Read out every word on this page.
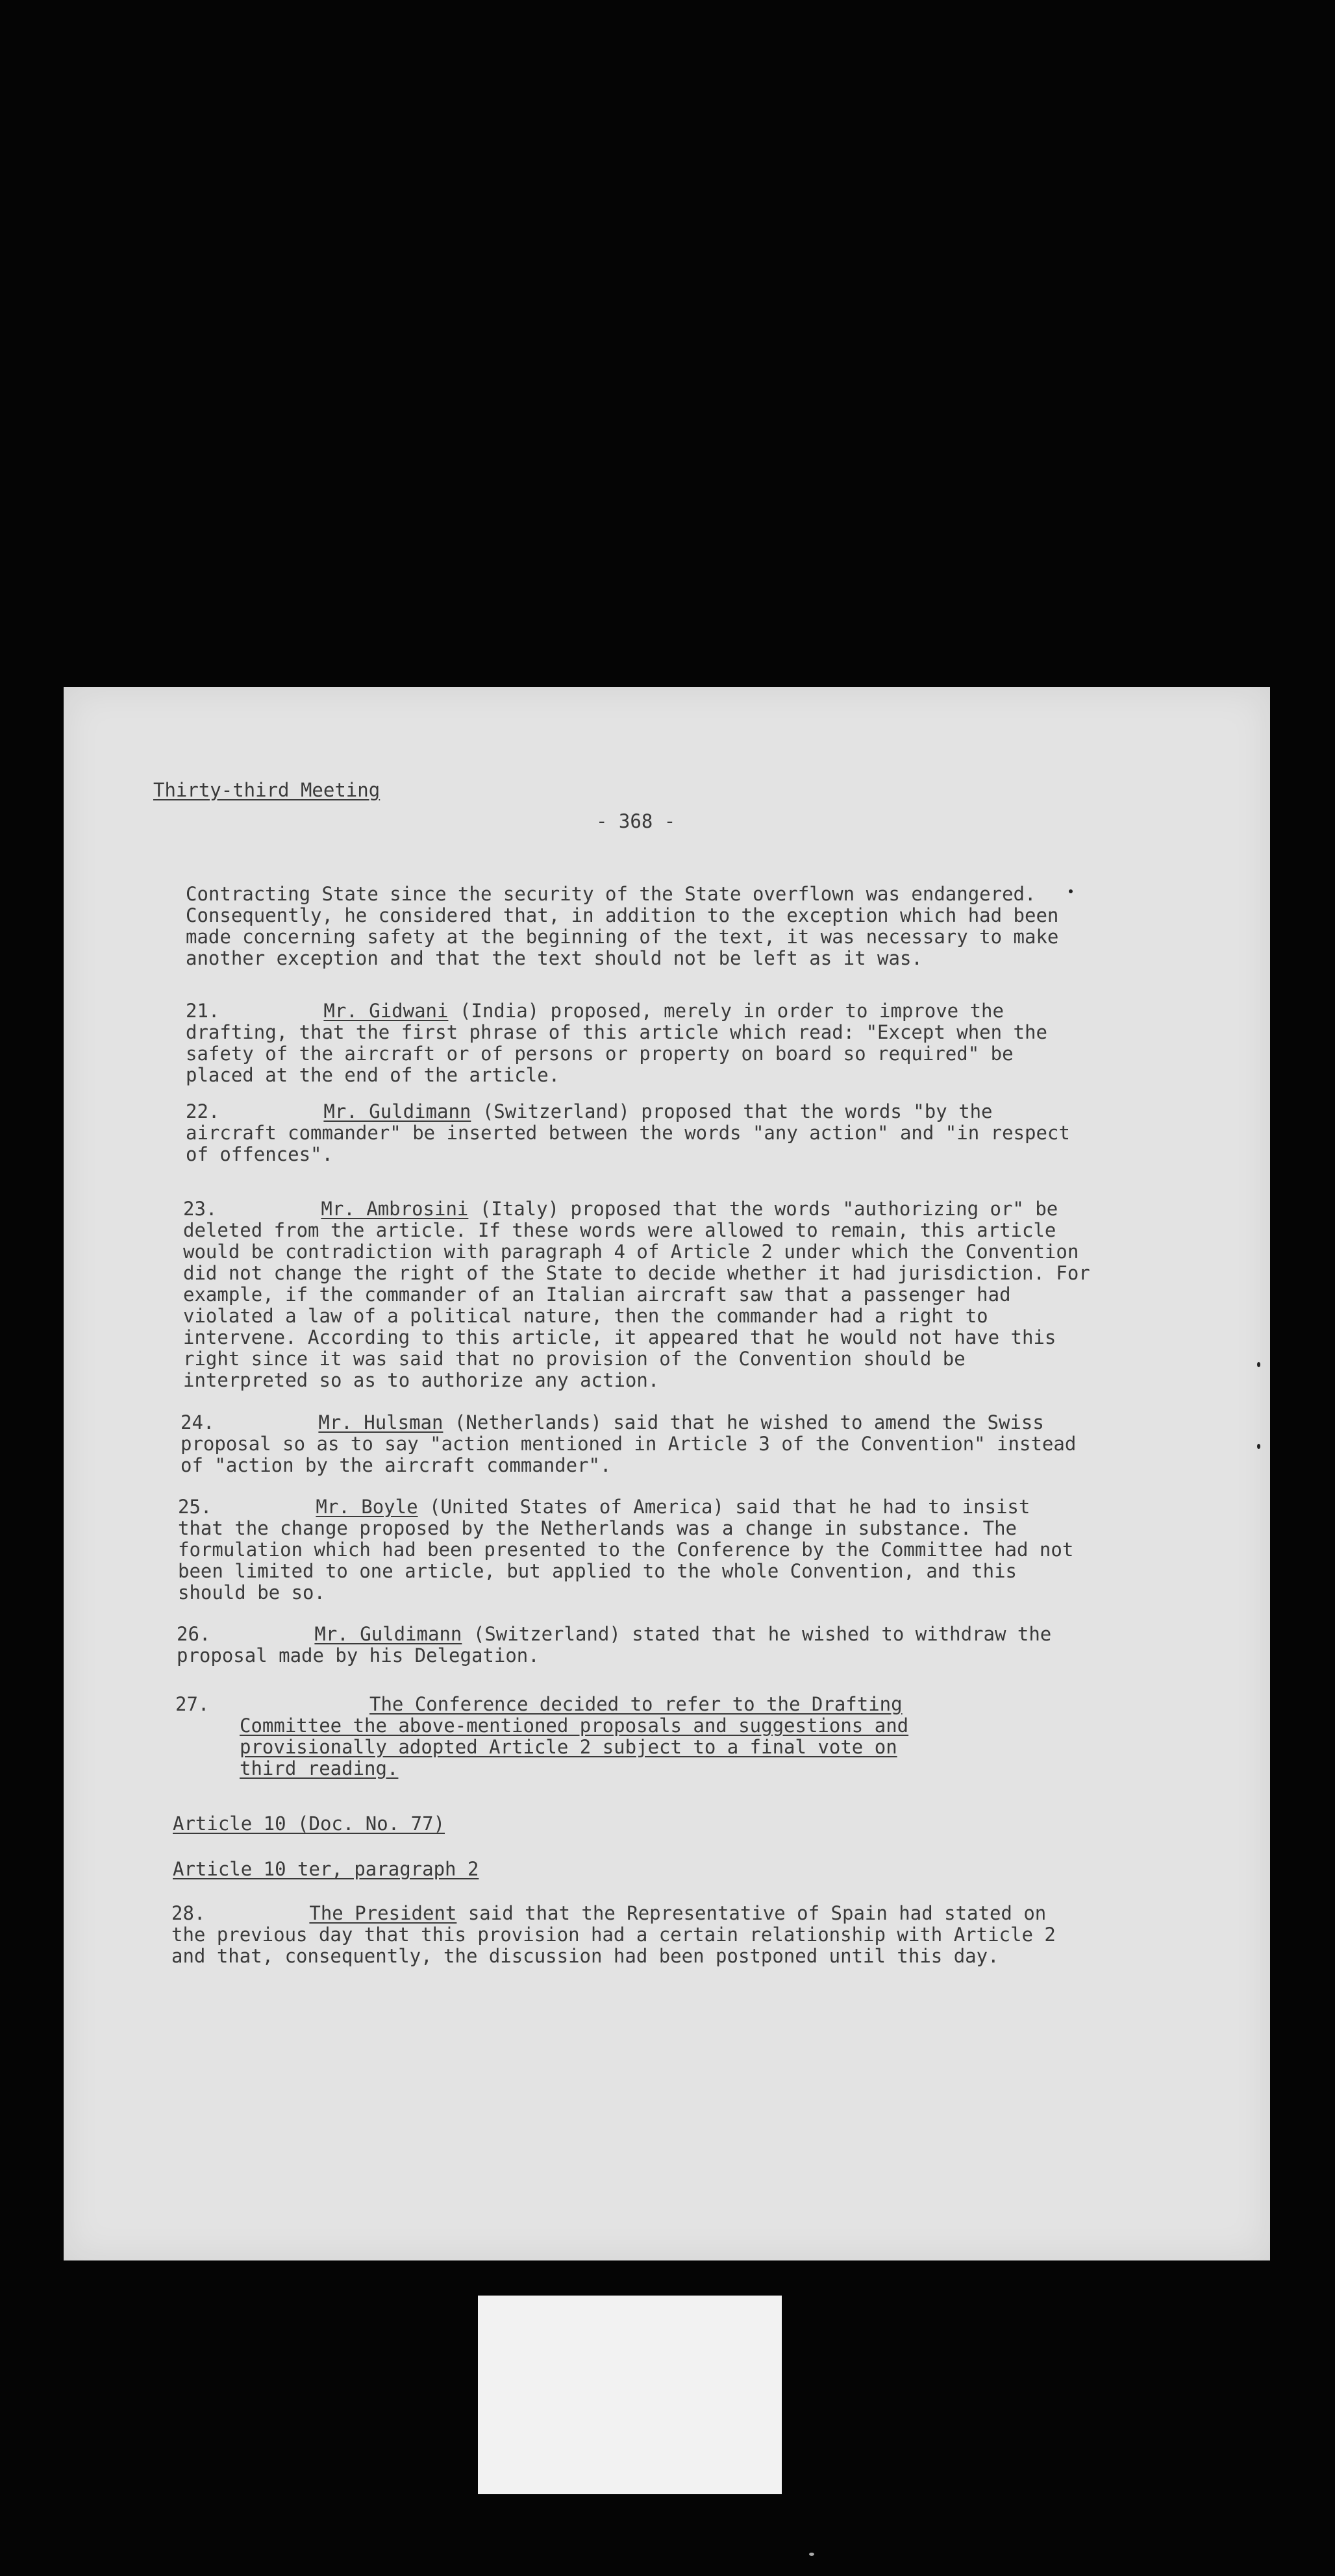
Thirty-third Meeting
- 368 -

Contracting State since the security of the State overflown was endangered. Consequently, he considered that, in addition to the exception which had been made concerning safety at the beginning of the text, it was necessary to make another exception and that the text should not be left as it was.

21.	Mr. Gidwani (India) proposed, merely in order to improve the drafting, that the first phrase of this article which read: "Except when the safety of the aircraft or of persons or property on board so required" be placed at the end of the article.

22.	Mr. Guldimann (Switzerland) proposed that the words "by the aircraft commander" be inserted between the words "any action" and "in respect of offences".

23.	Mr. Ambrosini (Italy) proposed that the words "authorizing or" be deleted from the article. If these words were allowed to remain, this article would be contradiction with paragraph 4 of Article 2 under which the Convention did not change the right of the State to decide whether it had jurisdiction. For example, if the commander of an Italian aircraft saw that a passenger had violated a law of a political nature, then the commander had a right to intervene. According to this article, it appeared that he would not have this right since it was said that no provision of the Convention should be interpreted so as to authorize any action.

24.	Mr. Hulsman (Netherlands) said that he wished to amend the Swiss proposal so as to say "action mentioned in Article 3 of the Convention" instead of "action by the aircraft commander".

25.	Mr. Boyle (United States of America) said that he had to insist that the change proposed by the Netherlands was a change in substance. The formulation which had been presented to the Conference by the Committee had not been limited to one article, but applied to the whole Convention, and this should be so.

26.	Mr. Guldimann (Switzerland) stated that he wished to withdraw the proposal made by his Delegation.

27.	The Conference decided to refer to the Drafting Committee the above-mentioned proposals and suggestions and provisionally adopted Article 2 subject to a final vote on third reading.
Article 10 (Doc. No. 77)
Article 10 ter, paragraph 2

28.	The President said that the Representative of Spain had stated on the previous day that this provision had a certain relationship with Article 2 and that, consequently, the discussion had been postponed until this day.
